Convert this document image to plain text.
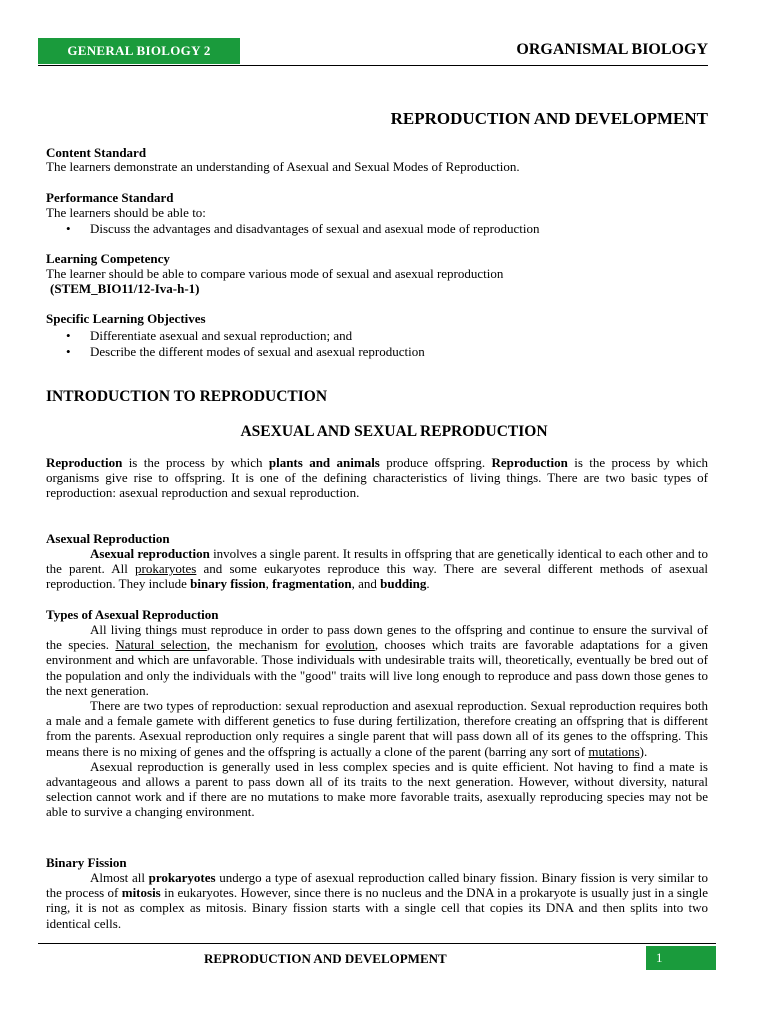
GENERAL BIOLOGY 2	ORGANISMAL BIOLOGY
REPRODUCTION AND DEVELOPMENT
Content Standard
The learners demonstrate an understanding of Asexual and Sexual Modes of Reproduction.
Performance Standard
The learners should be able to:
•	Discuss the advantages and disadvantages of sexual and asexual mode of reproduction
Learning Competency
The learner should be able to compare various mode of sexual and asexual reproduction
(STEM_BIO11/12-Iva-h-1)
Specific Learning Objectives
•	Differentiate asexual and sexual reproduction; and
•	Describe the different modes of sexual and asexual reproduction
INTRODUCTION TO REPRODUCTION
ASEXUAL AND SEXUAL REPRODUCTION

Reproduction is the process by which plants and animals produce offspring. Reproduction is the process by which organisms give rise to offspring. It is one of the defining characteristics of living things. There are two basic types of reproduction: asexual reproduction and sexual reproduction.

Asexual Reproduction

Asexual reproduction involves a single parent. It results in offspring that are genetically identical to each other and to the parent. All prokaryotes and some eukaryotes reproduce this way. There are several different methods of asexual reproduction. They include binary fission, fragmentation, and budding.

Types of Asexual Reproduction

All living things must reproduce in order to pass down genes to the offspring and continue to ensure the survival of the species. Natural selection, the mechanism for evolution, chooses which traits are favorable adaptations for a given environment and which are unfavorable. Those individuals with undesirable traits will, theoretically, eventually be bred out of the population and only the individuals with the "good" traits will live long enough to reproduce and pass down those genes to the next generation.

There are two types of reproduction: sexual reproduction and asexual reproduction. Sexual reproduction requires both a male and a female gamete with different genetics to fuse during fertilization, therefore creating an offspring that is different from the parents. Asexual reproduction only requires a single parent that will pass down all of its genes to the offspring. This means there is no mixing of genes and the offspring is actually a clone of the parent (barring any sort of mutations).

Asexual reproduction is generally used in less complex species and is quite efficient. Not having to find a mate is advantageous and allows a parent to pass down all of its traits to the next generation. However, without diversity, natural selection cannot work and if there are no mutations to make more favorable traits, asexually reproducing species may not be able to survive a changing environment.

Binary Fission

Almost all prokaryotes undergo a type of asexual reproduction called binary fission. Binary fission is very similar to the process of mitosis in eukaryotes. However, since there is no nucleus and the DNA in a prokaryote is usually just in a single ring, it is not as complex as mitosis. Binary fission starts with a single cell that copies its DNA and then splits into two identical cells.

REPRODUCTION AND DEVELOPMENT	1
